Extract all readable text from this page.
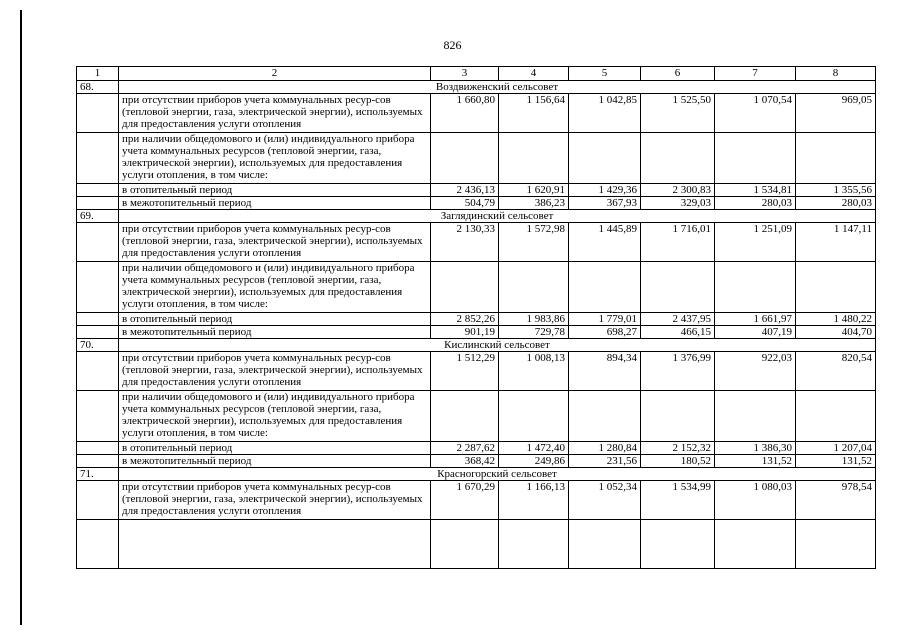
826
1	2	3	4	5	6	7	8
68.	Воздвиженский сельсовет						
	при отсутствии приборов учета коммунальных ресур-сов (тепловой энергии, газа, электрической энергии), используемых для предоставления услуги отопления	1 660,80	1 156,64	1 042,85	1 525,50	1 070,54	969,05
	при наличии общедомового и (или) индивидуального прибора учета коммунальных ресурсов (тепловой энергии, газа, электрической энергии), используемых для предоставления услуги отопления, в том числе:						
	в отопительный период	2 436,13	1 620,91	1 429,36	2 300,83	1 534,81	1 355,56
	в межотопительный период	504,79	386,23	367,93	329,03	280,03	280,03
69.	Заглядинский сельсовет						
	при отсутствии приборов учета коммунальных ресур-сов (тепловой энергии, газа, электрической энергии), используемых для предоставления услуги отопления	2 130,33	1 572,98	1 445,89	1 716,01	1 251,09	1 147,11
	при наличии общедомового и (или) индивидуального прибора учета коммунальных ресурсов (тепловой энергии, газа, электрической энергии), используемых для предоставления услуги отопления, в том числе:						
	в отопительный период	2 852,26	1 983,86	1 779,01	2 437,95	1 661,97	1 480,22
	в межотопительный период	901,19	729,78	698,27	466,15	407,19	404,70
70.	Кислинский сельсовет						
	при отсутствии приборов учета коммунальных ресур-сов (тепловой энергии, газа, электрической энергии), используемых для предоставления услуги отопления	1 512,29	1 008,13	894,34	1 376,99	922,03	820,54
	при наличии общедомового и (или) индивидуального прибора учета коммунальных ресурсов (тепловой энергии, газа, электрической энергии), используемых для предоставления услуги отопления, в том числе:						
	в отопительный период	2 287,62	1 472,40	1 280,84	2 152,32	1 386,30	1 207,04
	в межотопительный период	368,42	249,86	231,56	180,52	131,52	131,52
71.	Красногорский сельсовет						
	при отсутствии приборов учета коммунальных ресур-сов (тепловой энергии, газа, электрической энергии), используемых для предоставления услуги отопления	1 670,29	1 166,13	1 052,34	1 534,99	1 080,03	978,54
